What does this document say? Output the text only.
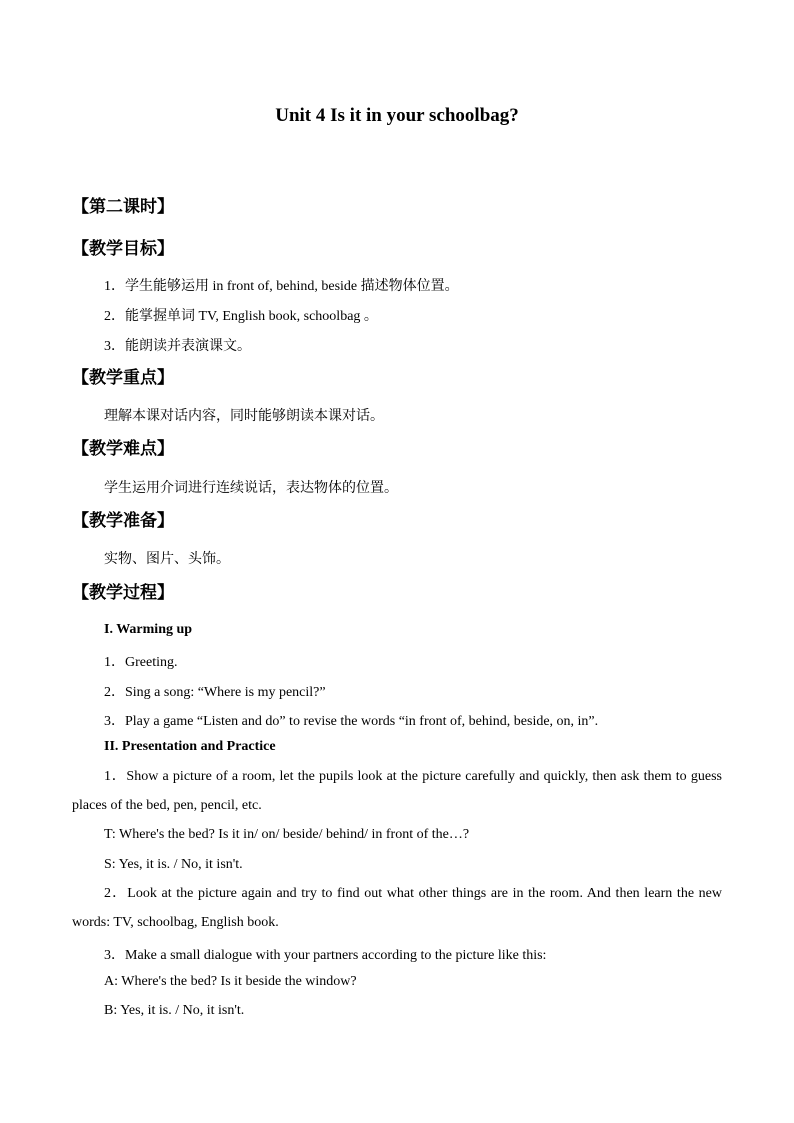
Unit 4 Is it in your schoolbag?
【第二课时】
【教学目标】
1．学生能够运用 in front of, behind, beside 描述物体位置。
2．能掌握单词 TV, English book, schoolbag 。
3．能朗读并表演课文。
【教学重点】
理解本课对话内容，同时能够朗读本课对话。
【教学难点】
学生运用介词进行连续说话，表达物体的位置。
【教学准备】
实物、图片、头饰。
【教学过程】
I. Warming up
1．Greeting.
2．Sing a song: “Where is my pencil?”
3．Play a game “Listen and do” to revise the words “in front of, behind, beside, on, in”.
II. Presentation and Practice
1．Show a picture of a room, let the pupils look at the picture carefully and quickly, then ask them to guess places of the bed, pen, pencil, etc.
T: Where's the bed? Is it in/ on/ beside/ behind/ in front of the…?
S: Yes, it is. / No, it isn't.
2．Look at the picture again and try to find out what other things are in the room. And then learn the new words: TV, schoolbag, English book.
3．Make a small dialogue with your partners according to the picture like this:
A: Where's the bed? Is it beside the window?
B: Yes, it is. / No, it isn't.
